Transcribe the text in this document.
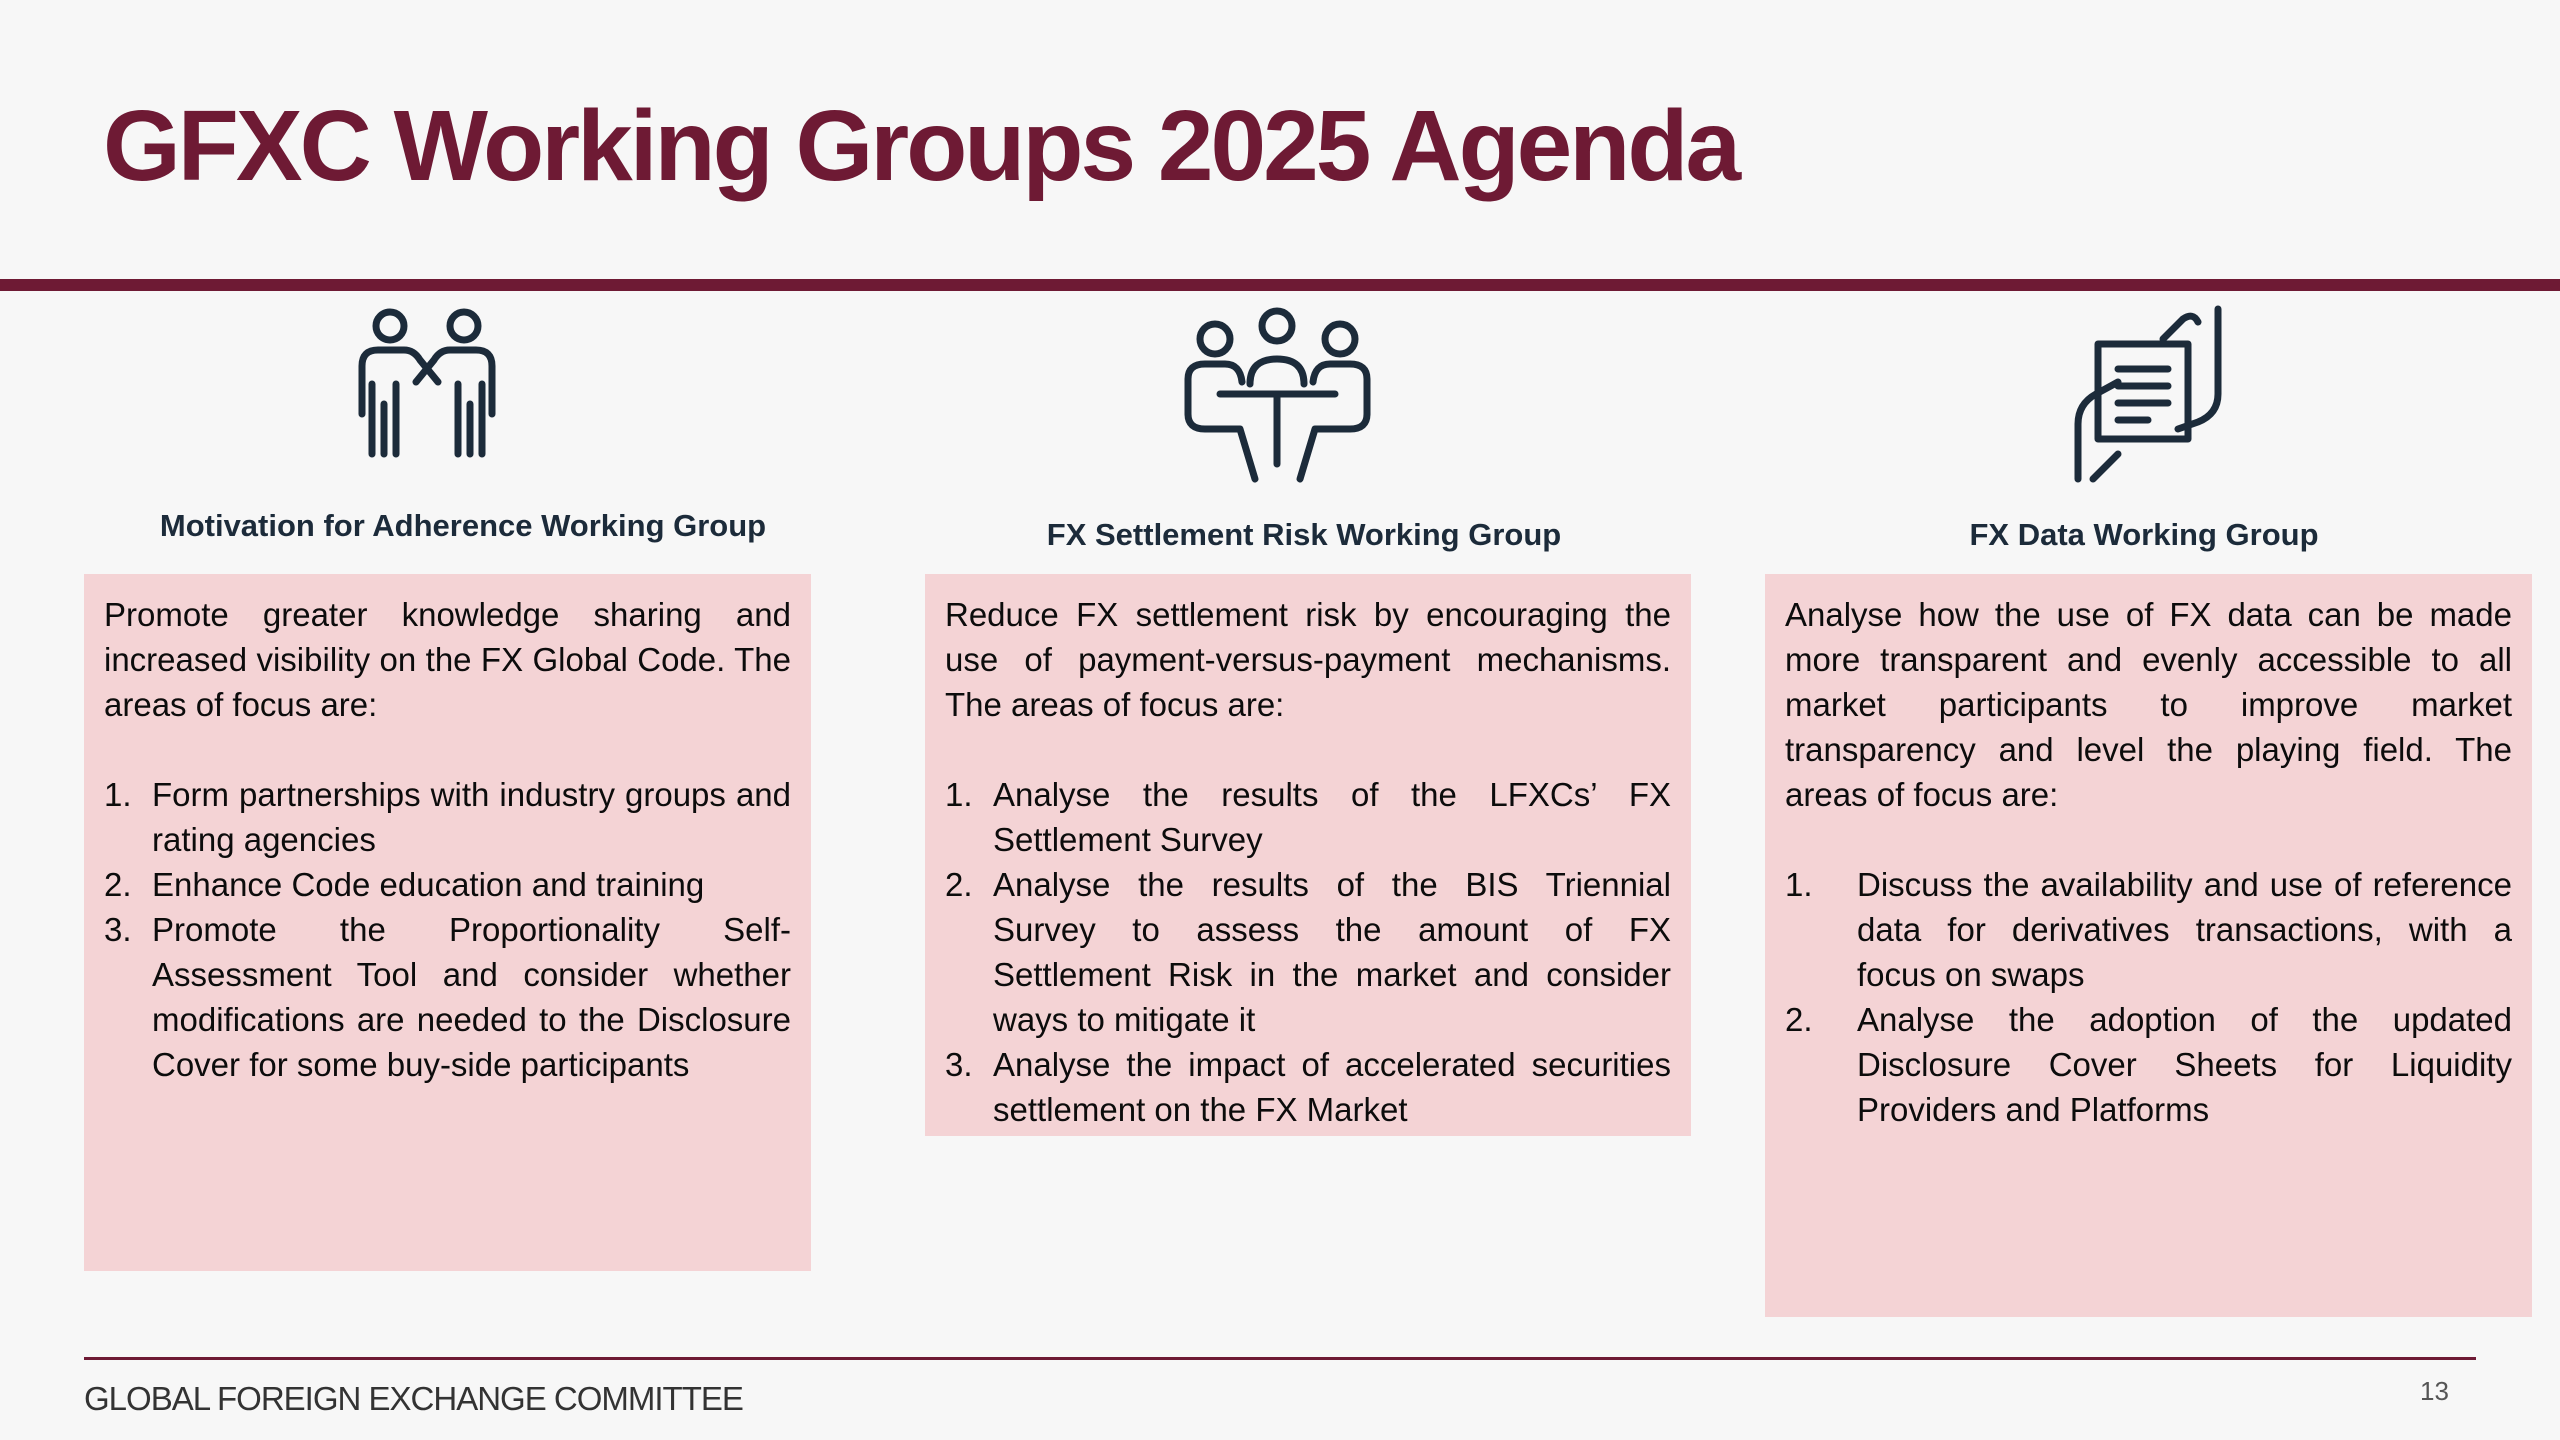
GFXC Working Groups 2025 Agenda
Motivation for Adherence Working Group

Promote greater knowledge sharing and increased visibility on the FX Global Code. The areas of focus are:

1. Form partnerships with industry groups and rating agencies
2. Enhance Code education and training
3. Promote the Proportionality Self-Assessment Tool and consider whether modifications are needed to the Disclosure Cover for some buy-side participants
FX Settlement Risk Working Group

Reduce FX settlement risk by encouraging the use of payment-versus-payment mechanisms. The areas of focus are:

1. Analyse the results of the LFXCs’ FX Settlement Survey
2. Analyse the results of the BIS Triennial Survey to assess the amount of FX Settlement Risk in the market and consider ways to mitigate it
3. Analyse the impact of accelerated securities settlement on the FX Market
FX Data Working Group

Analyse how the use of FX data can be made more transparent and evenly accessible to all market participants to improve market transparency and level the playing field. The areas of focus are:

1. Discuss the availability and use of reference data for derivatives transactions, with a focus on swaps
2. Analyse the adoption of the updated Disclosure Cover Sheets for Liquidity Providers and Platforms
GLOBAL FOREIGN EXCHANGE COMMITTEE	13
